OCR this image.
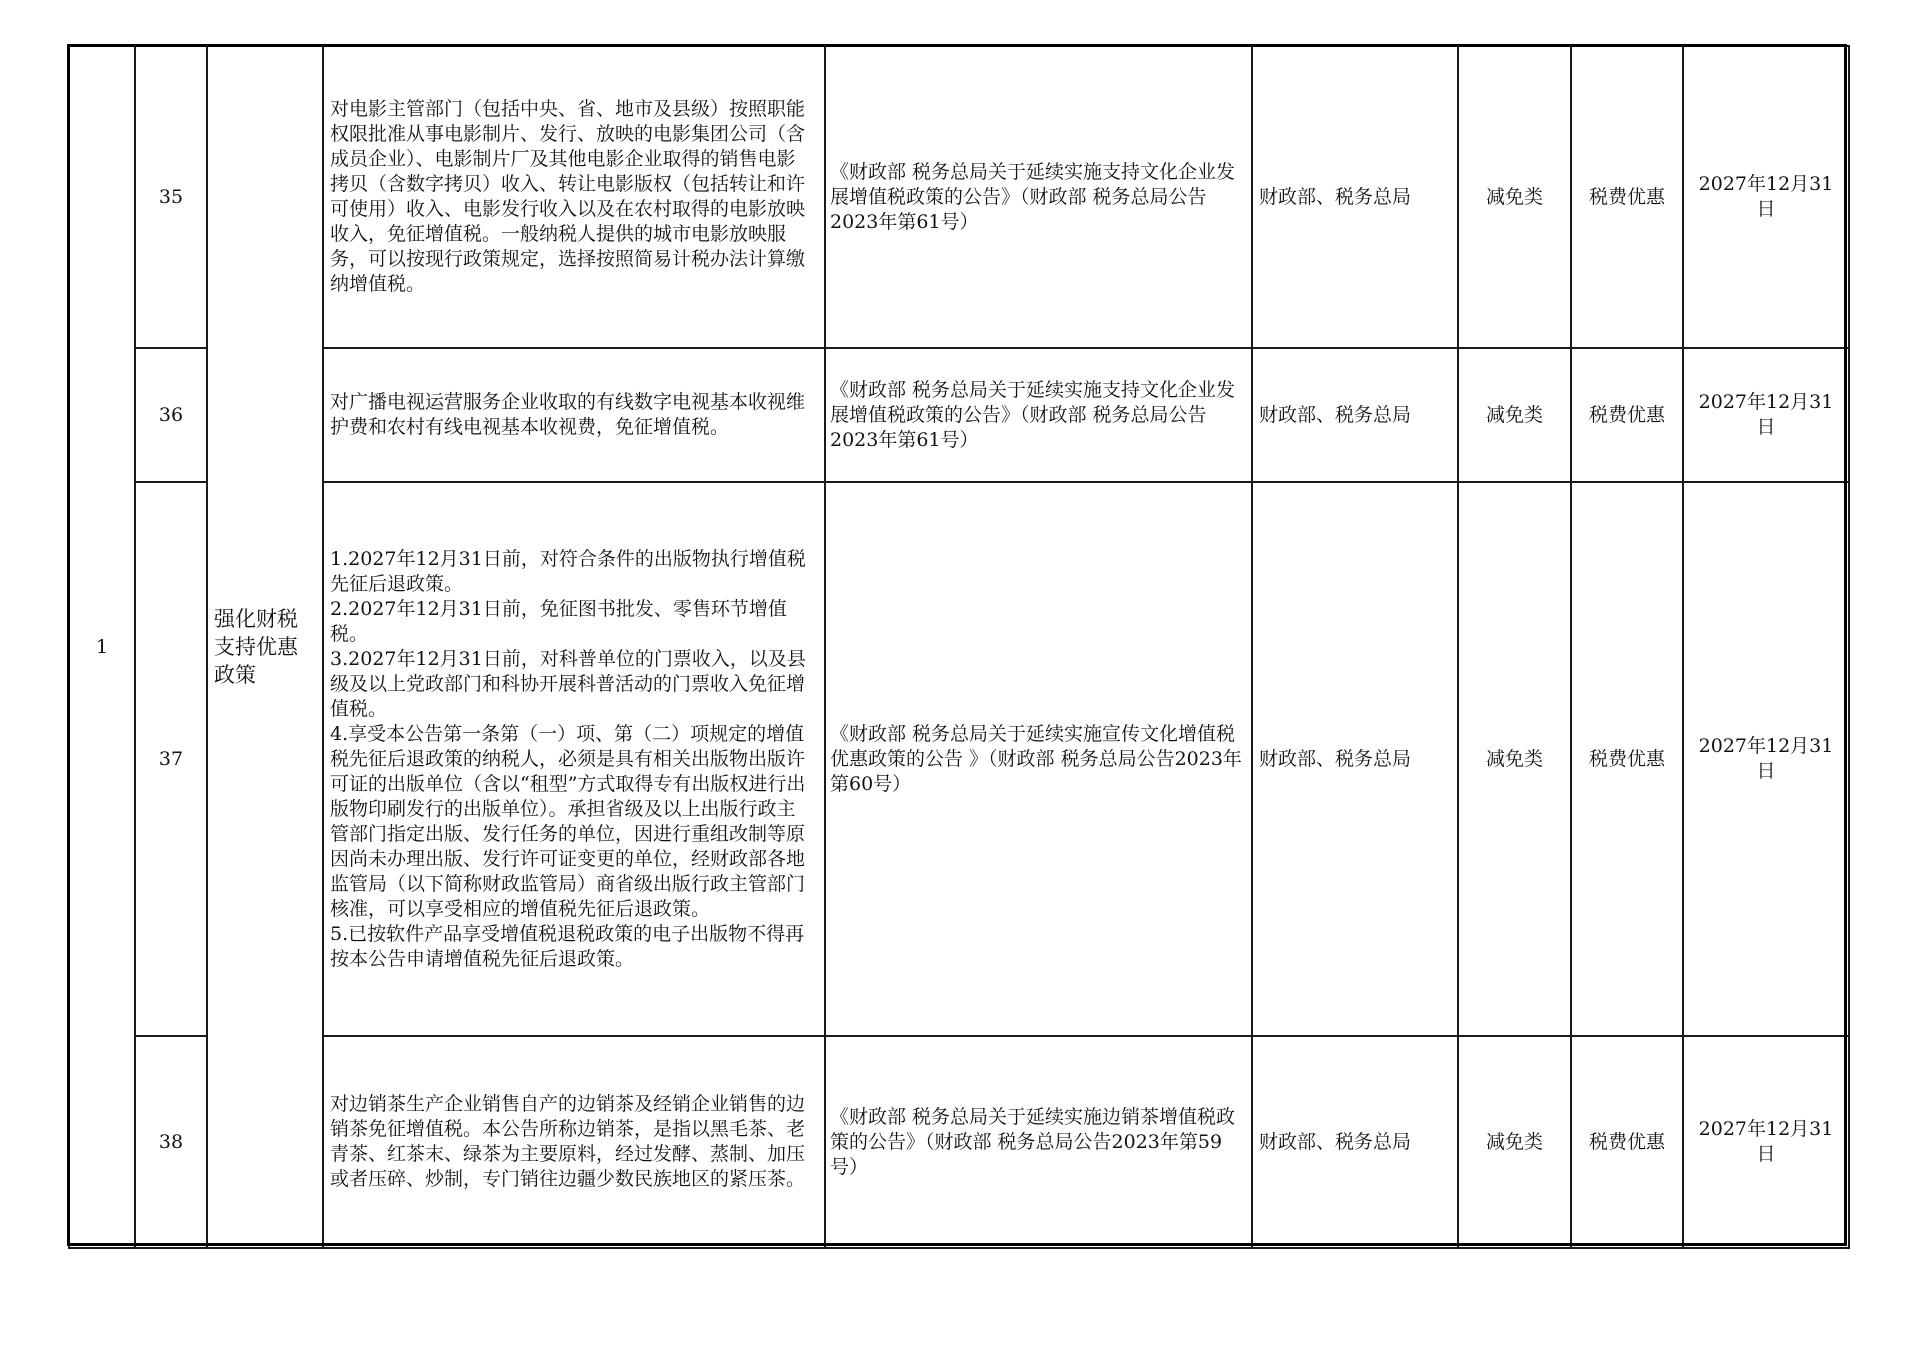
1	35	强化财税支持优惠政策	对电影主管部门（包括中央、省、地市及县级）按照职能权限批准从事电影制片、发行、放映的电影集团公司（含成员企业）、电影制片厂及其他电影企业取得的销售电影拷贝（含数字拷贝）收入、转让电影版权（包括转让和许可使用）收入、电影发行收入以及在农村取得的电影放映收入，免征增值税。一般纳税人提供的城市电影放映服务，可以按现行政策规定，选择按照简易计税办法计算缴纳增值税。	《财政部 税务总局关于延续实施支持文化企业发展增值税政策的公告》（财政部 税务总局公告2023年第61号）	财政部、税务总局	减免类	税费优惠	2027年12月31日
	36		对广播电视运营服务企业收取的有线数字电视基本收视维护费和农村有线电视基本收视费，免征增值税。	《财政部 税务总局关于延续实施支持文化企业发展增值税政策的公告》（财政部 税务总局公告2023年第61号）	财政部、税务总局	减免类	税费优惠	2027年12月31日
	37		1.2027年12月31日前，对符合条件的出版物执行增值税先征后退政策。
2.2027年12月31日前，免征图书批发、零售环节增值税。
3.2027年12月31日前，对科普单位的门票收入，以及县级及以上党政部门和科协开展科普活动的门票收入免征增值税。
4.享受本公告第一条第（一）项、第（二）项规定的增值税先征后退政策的纳税人，必须是具有相关出版物出版许可证的出版单位（含以“租型”方式取得专有出版权进行出版物印刷发行的出版单位）。承担省级及以上出版行政主管部门指定出版、发行任务的单位，因进行重组改制等原因尚未办理出版、发行许可证变更的单位，经财政部各地监管局（以下简称财政监管局）商省级出版行政主管部门核准，可以享受相应的增值税先征后退政策。
5.已按软件产品享受增值税退税政策的电子出版物不得再按本公告申请增值税先征后退政策。	《财政部 税务总局关于延续实施宣传文化增值税优惠政策的公告 》（财政部 税务总局公告2023年第60号）	财政部、税务总局	减免类	税费优惠	2027年12月31日
	38		对边销茶生产企业销售自产的边销茶及经销企业销售的边销茶免征增值税。本公告所称边销茶，是指以黑毛茶、老青茶、红茶末、绿茶为主要原料，经过发酵、蒸制、加压或者压碎、炒制，专门销往边疆少数民族地区的紧压茶。	《财政部 税务总局关于延续实施边销茶增值税政策的公告》（财政部 税务总局公告2023年第59号）	财政部、税务总局	减免类	税费优惠	2027年12月31日
